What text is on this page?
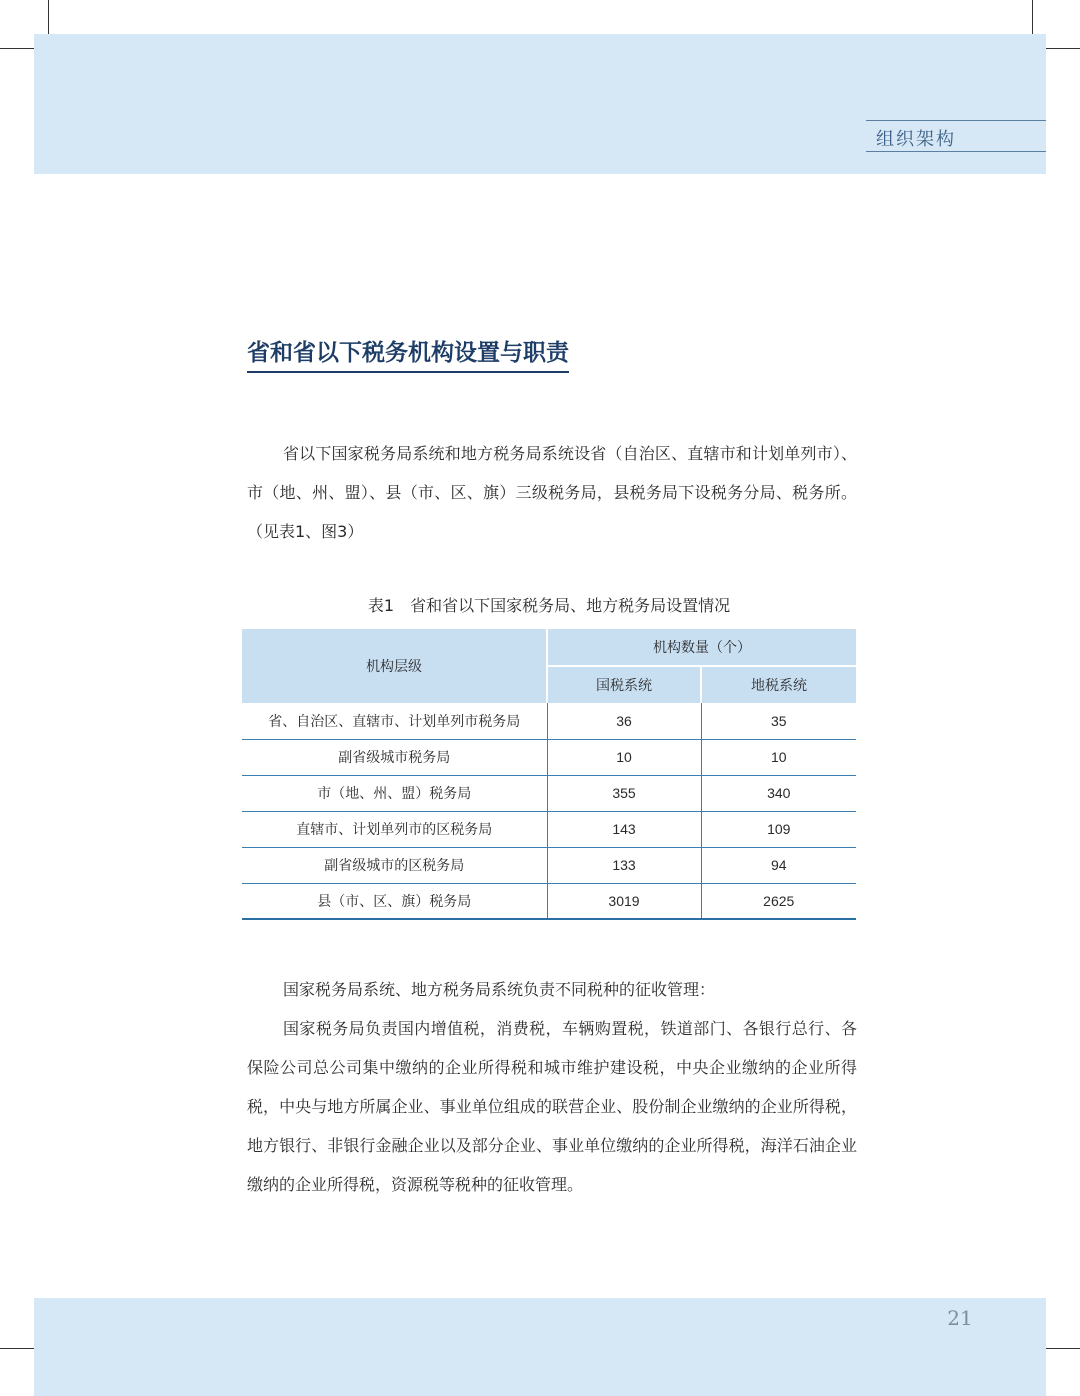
组织架构
省和省以下税务机构设置与职责

省以下国家税务局系统和地方税务局系统设省（自治区、直辖市和计划单列市）、市（地、州、盟）、县（市、区、旗）三级税务局，县税务局下设税务分局、税务所。（见表1、图3）

表1　省和省以下国家税务局、地方税务局设置情况
机构层级	机构数量（个）	
	国税系统	地税系统
省、自治区、直辖市、计划单列市税务局	36	35
副省级城市税务局	10	10
市（地、州、盟）税务局	355	340
直辖市、计划单列市的区税务局	143	109
副省级城市的区税务局	133	94
县（市、区、旗）税务局	3019	2625

国家税务局系统、地方税务局系统负责不同税种的征收管理：

国家税务局负责国内增值税，消费税，车辆购置税，铁道部门、各银行总行、各保险公司总公司集中缴纳的企业所得税和城市维护建设税，中央企业缴纳的企业所得税，中央与地方所属企业、事业单位组成的联营企业、股份制企业缴纳的企业所得税，地方银行、非银行金融企业以及部分企业、事业单位缴纳的企业所得税，海洋石油企业缴纳的企业所得税，资源税等税种的征收管理。

21
